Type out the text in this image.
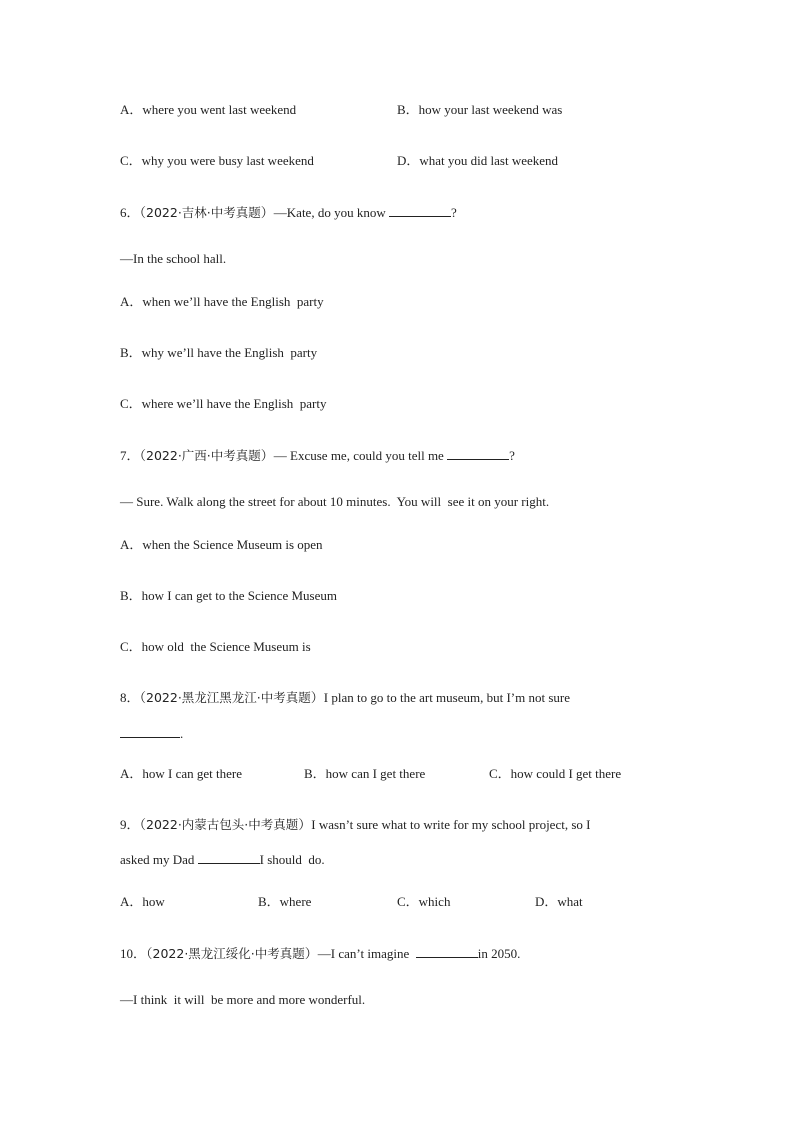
A．where you went last weekend	B．how your last weekend was
C．why you were busy last weekend	D．what you did last weekend
6．（2022·吉林·中考真题）—Kate, do you know	?
—In the school hall.
A．when we’ll have the English  party
B．why we’ll have the English  party
C．where we’ll have the English  party
7．（2022·广西·中考真题）— Excuse me, could you tell me	?
— Sure. Walk along the street for about 10 minutes.  You will  see it on your right.
A．when the Science Museum is open
B．how I can get to the Science Museum
C．how old  the Science Museum is
8．（2022·黑龙江黑龙江·中考真题）I plan to go to the art museum, but I’m not sure
.
A．how I can get there	B．how can I get there	C．how could I get there
9．（2022·内蒙古包头·中考真题）I wasn’t sure what to write for my school project, so I
asked my Dad	I should  do.
A．how	B．where	C．which	D．what
10．（2022·黑龙江绥化·中考真题）—I can’t imagine	in 2050.
—I think  it will  be more and more wonderful.
